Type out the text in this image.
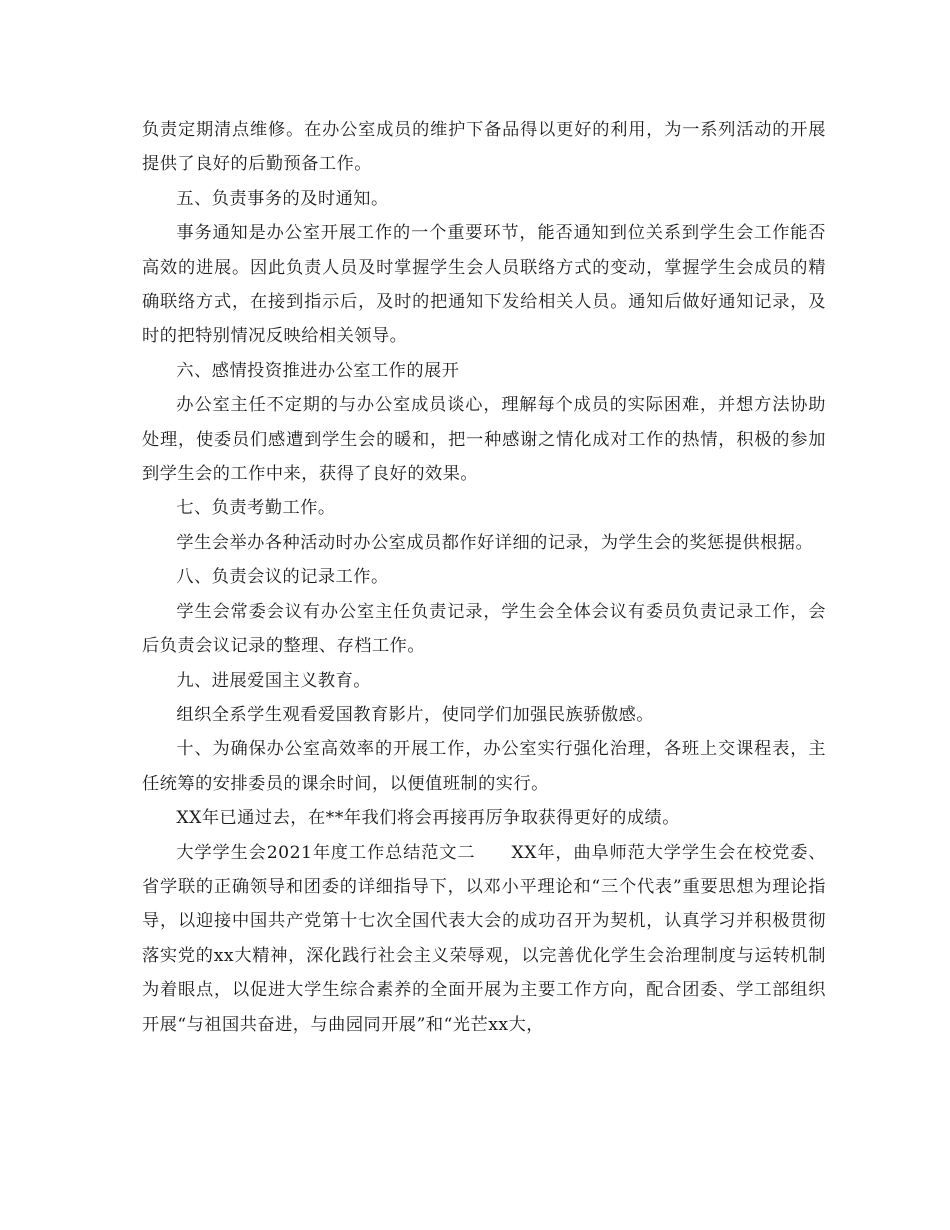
负责定期清点维修。在办公室成员的维护下备品得以更好的利用，为一系列活动的开展提供了良好的后勤预备工作。

五、负责事务的及时通知。

事务通知是办公室开展工作的一个重要环节，能否通知到位关系到学生会工作能否高效的进展。因此负责人员及时掌握学生会人员联络方式的变动，掌握学生会成员的精确联络方式，在接到指示后，及时的把通知下发给相关人员。通知后做好通知记录，及时的把特别情况反映给相关领导。

六、感情投资推进办公室工作的展开

办公室主任不定期的与办公室成员谈心，理解每个成员的实际困难，并想方法协助处理，使委员们感遭到学生会的暖和，把一种感谢之情化成对工作的热情，积极的参加到学生会的工作中来，获得了良好的效果。

七、负责考勤工作。

学生会举办各种活动时办公室成员都作好详细的记录，为学生会的奖惩提供根据。

八、负责会议的记录工作。

学生会常委会议有办公室主任负责记录，学生会全体会议有委员负责记录工作，会后负责会议记录的整理、存档工作。

九、进展爱国主义教育。

组织全系学生观看爱国教育影片，使同学们加强民族骄傲感。

十、为确保办公室高效率的开展工作，办公室实行强化治理，各班上交课程表，主任统筹的安排委员的课余时间，以便值班制的实行。

XX年已通过去，在**年我们将会再接再厉争取获得更好的成绩。

大学学生会2021年度工作总结范文二　　XX年，曲阜师范大学学生会在校党委、省学联的正确领导和团委的详细指导下，以邓小平理论和“三个代表”重要思想为理论指导，以迎接中国共产党第十七次全国代表大会的成功召开为契机，认真学习并积极贯彻落实党的xx大精神，深化践行社会主义荣辱观，以完善优化学生会治理制度与运转机制为着眼点，以促进大学生综合素养的全面开展为主要工作方向，配合团委、学工部组织开展“与祖国共奋进，与曲园同开展”和“光芒xx大，
